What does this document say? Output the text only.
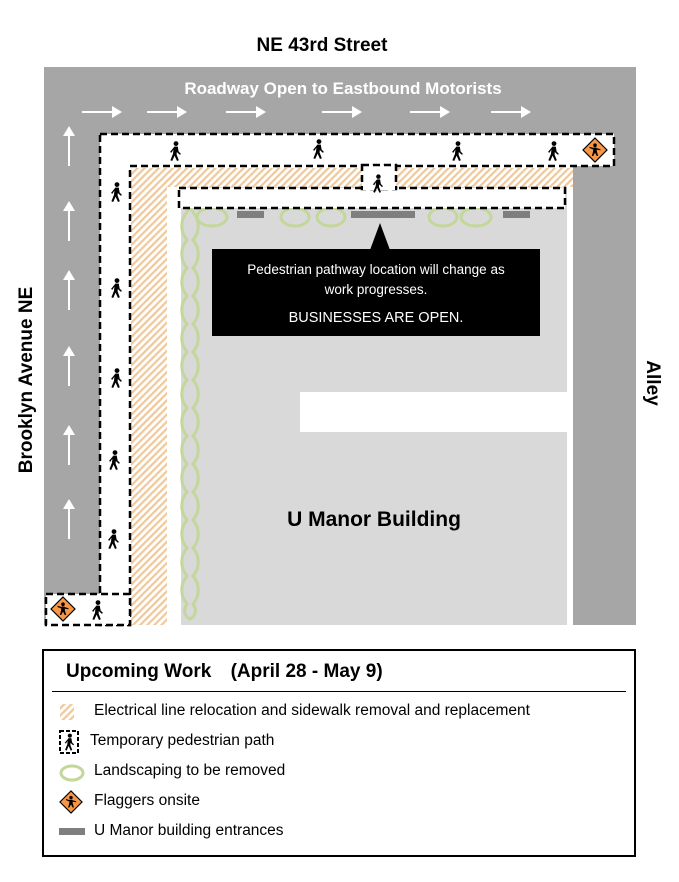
Pedestrian pathway location will change as
work progresses.
BUSINESSES ARE OPEN.
NE 43rd Street
Roadway Open to Eastbound Motorists
Brooklyn Avenue NE	Alley
U Manor Building
Upcoming Work (April 28 - May 9)
Electrical line relocation and sidewalk removal and replacement
Temporary pedestrian path
Landscaping to be removed
Flaggers onsite
U Manor building entrances
